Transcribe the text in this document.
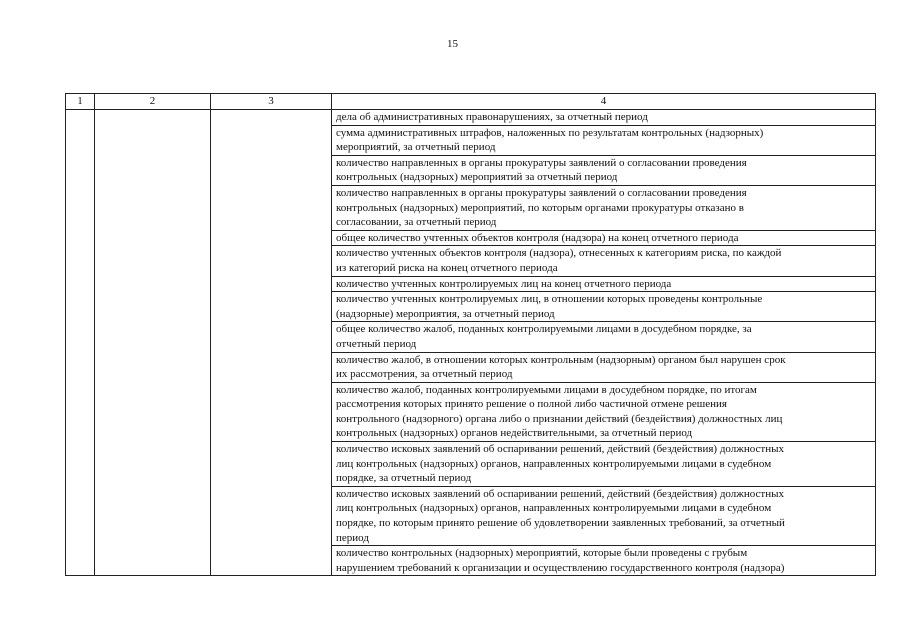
15
1	2	3	4

			дела об административных правонарушениях, за отчетный период

			сумма административных штрафов, наложенных по результатам контрольных (надзорных)
мероприятий, за отчетный период

			количество направленных в органы прокуратуры заявлений о согласовании проведения
контрольных (надзорных) мероприятий за отчетный период

			количество направленных в органы прокуратуры заявлений о согласовании проведения
контрольных (надзорных) мероприятий, по которым органами прокуратуры отказано в
согласовании, за отчетный период

			общее количество учтенных объектов контроля (надзора) на конец отчетного периода

			количество учтенных объектов контроля (надзора), отнесенных к категориям риска, по каждой
из категорий риска на конец отчетного периода

			количество учтенных контролируемых лиц на конец отчетного периода

			количество учтенных контролируемых лиц, в отношении которых проведены контрольные
(надзорные) мероприятия, за отчетный период

			общее количество жалоб, поданных контролируемыми лицами в досудебном порядке, за
отчетный период

			количество жалоб, в отношении которых контрольным (надзорным) органом был нарушен срок
их рассмотрения, за отчетный период

			количество жалоб, поданных контролируемыми лицами в досудебном порядке, по итогам
рассмотрения которых принято решение о полной либо частичной отмене решения
контрольного (надзорного) органа либо о признании действий (бездействия) должностных лиц
контрольных (надзорных) органов недействительными, за отчетный период

			количество исковых заявлений об оспаривании решений, действий (бездействия) должностных
лиц контрольных (надзорных) органов, направленных контролируемыми лицами в судебном
порядке, за отчетный период

			количество исковых заявлений об оспаривании решений, действий (бездействия) должностных
лиц контрольных (надзорных) органов, направленных контролируемыми лицами в судебном
порядке, по которым принято решение об удовлетворении заявленных требований, за отчетный
период

			количество контрольных (надзорных) мероприятий, которые были проведены с грубым
нарушением требований к организации и осуществлению государственного контроля (надзора)
